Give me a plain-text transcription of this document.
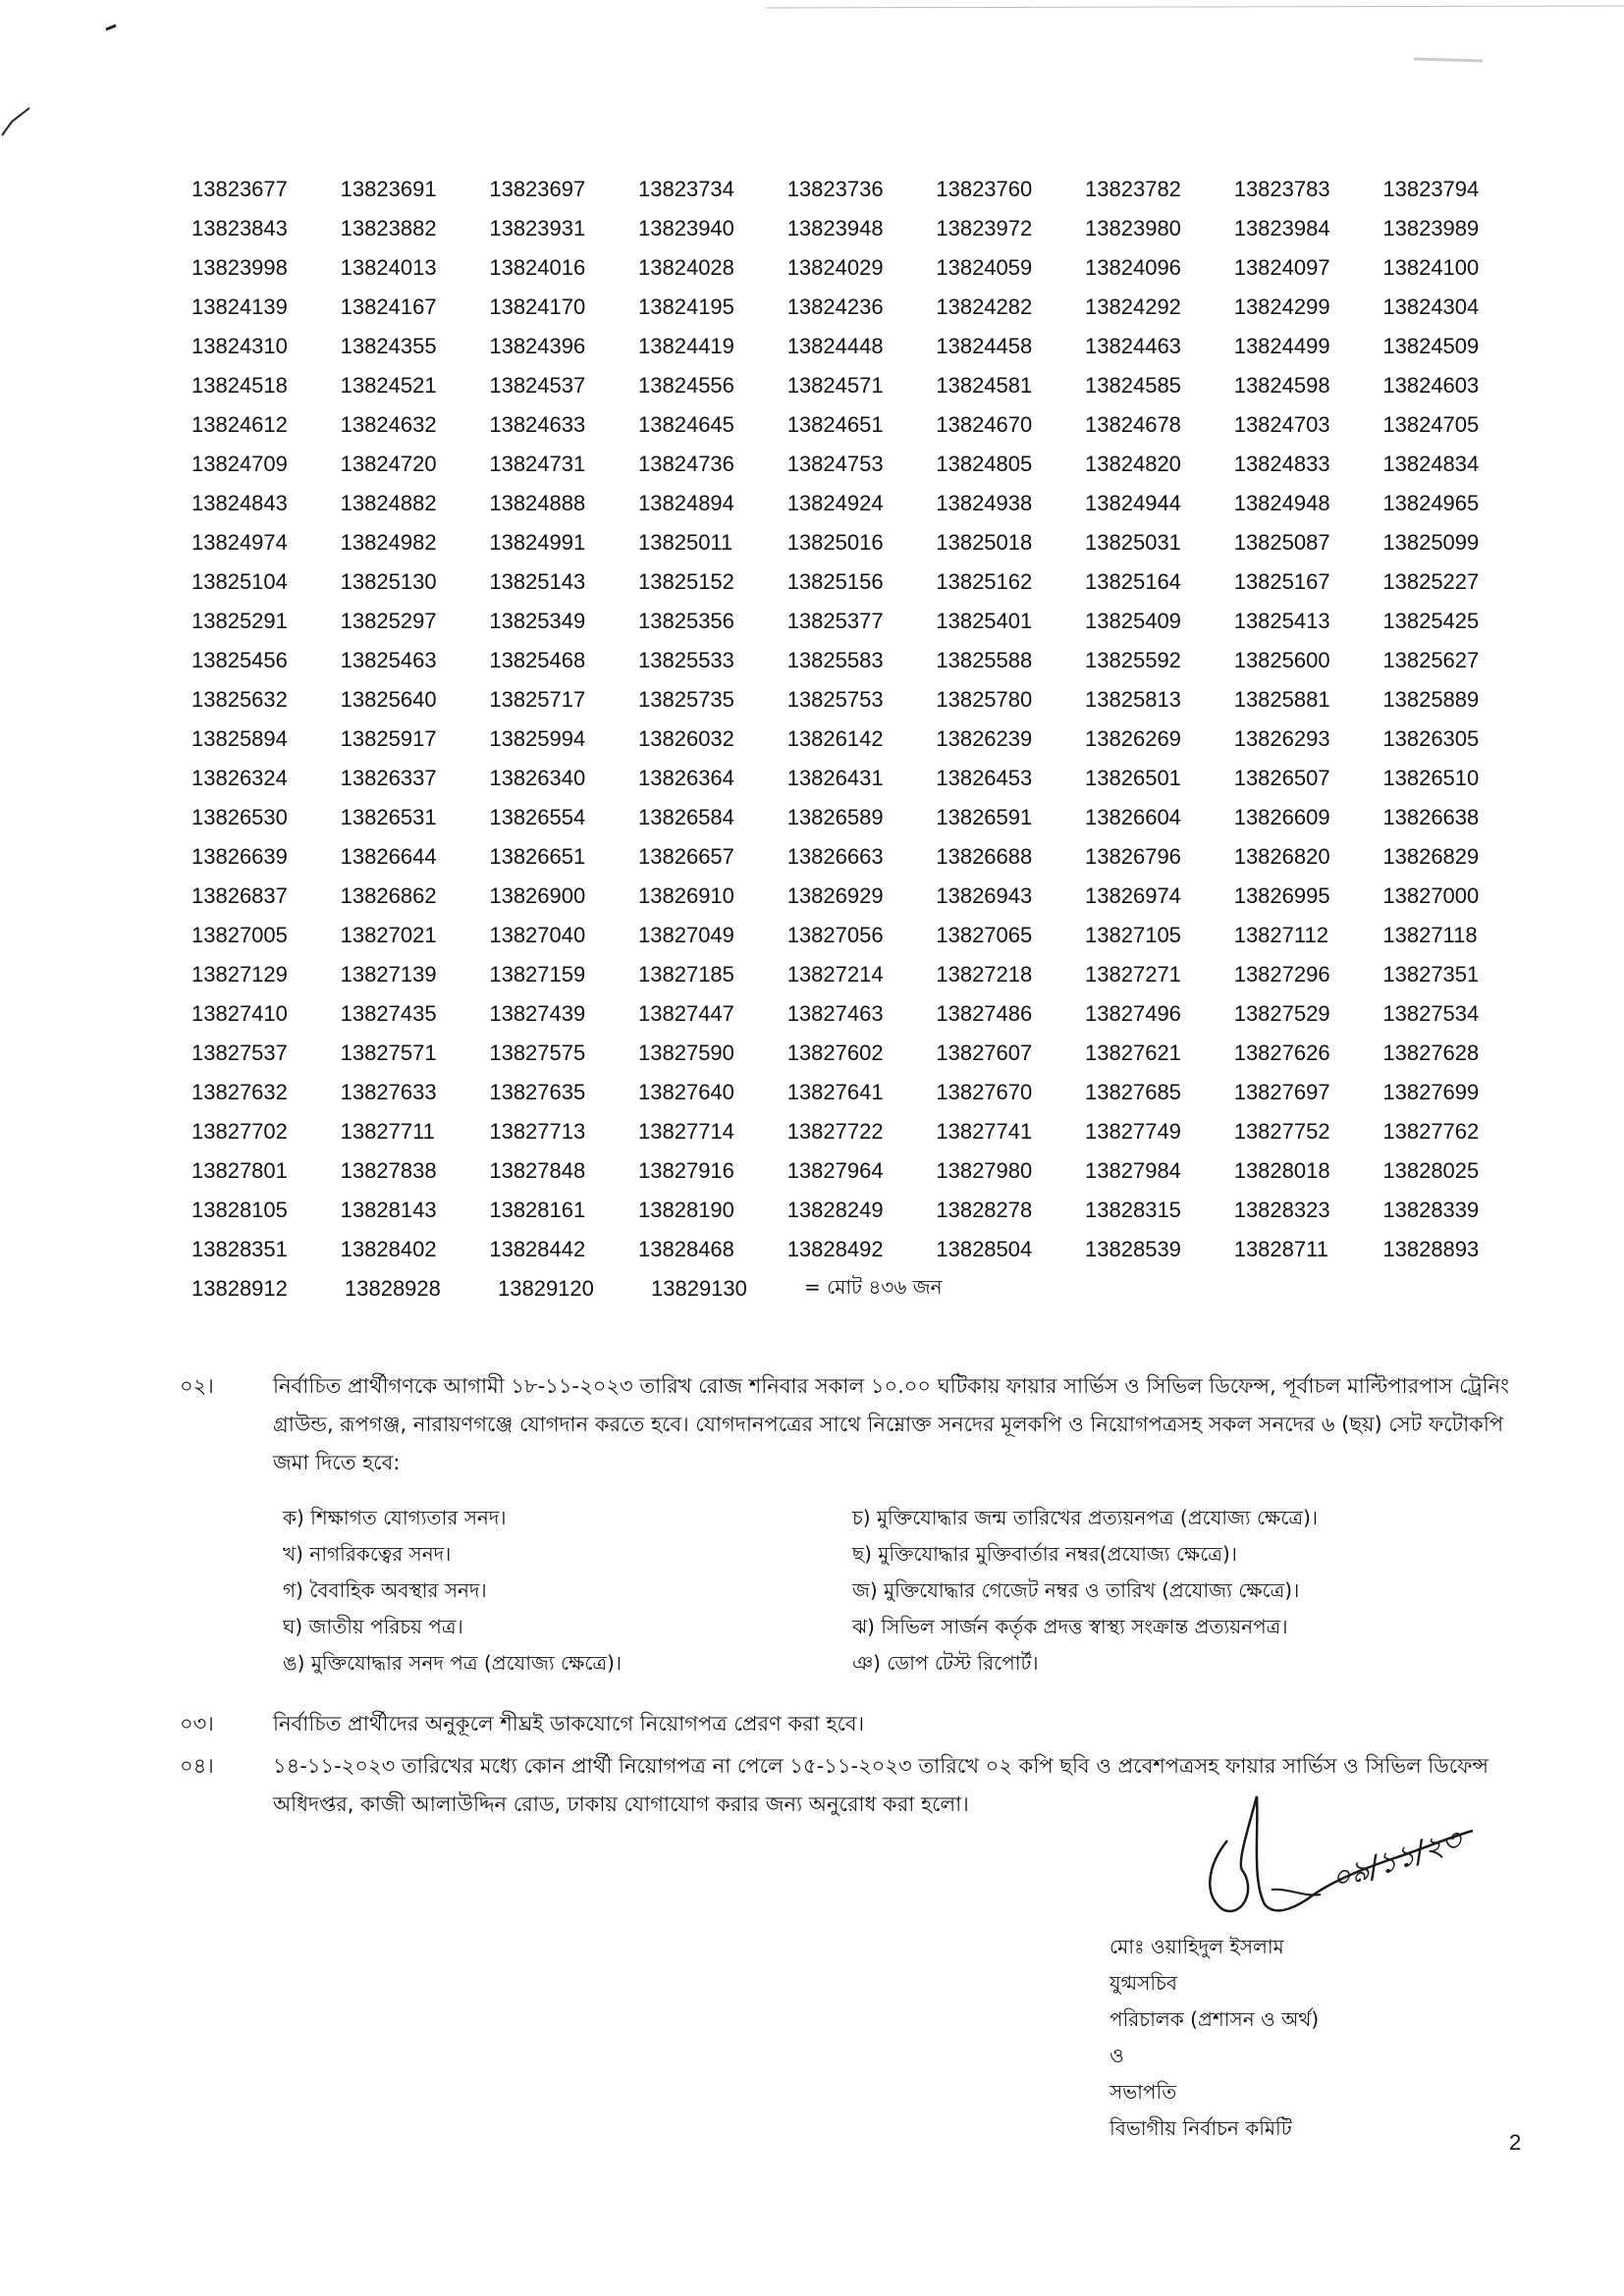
13823677	13823691	13823697	13823734	13823736	13823760	13823782	13823783	13823794
13823843	13823882	13823931	13823940	13823948	13823972	13823980	13823984	13823989
13823998	13824013	13824016	13824028	13824029	13824059	13824096	13824097	13824100
13824139	13824167	13824170	13824195	13824236	13824282	13824292	13824299	13824304
13824310	13824355	13824396	13824419	13824448	13824458	13824463	13824499	13824509
13824518	13824521	13824537	13824556	13824571	13824581	13824585	13824598	13824603
13824612	13824632	13824633	13824645	13824651	13824670	13824678	13824703	13824705
13824709	13824720	13824731	13824736	13824753	13824805	13824820	13824833	13824834
13824843	13824882	13824888	13824894	13824924	13824938	13824944	13824948	13824965
13824974	13824982	13824991	13825011	13825016	13825018	13825031	13825087	13825099
13825104	13825130	13825143	13825152	13825156	13825162	13825164	13825167	13825227
13825291	13825297	13825349	13825356	13825377	13825401	13825409	13825413	13825425
13825456	13825463	13825468	13825533	13825583	13825588	13825592	13825600	13825627
13825632	13825640	13825717	13825735	13825753	13825780	13825813	13825881	13825889
13825894	13825917	13825994	13826032	13826142	13826239	13826269	13826293	13826305
13826324	13826337	13826340	13826364	13826431	13826453	13826501	13826507	13826510
13826530	13826531	13826554	13826584	13826589	13826591	13826604	13826609	13826638
13826639	13826644	13826651	13826657	13826663	13826688	13826796	13826820	13826829
13826837	13826862	13826900	13826910	13826929	13826943	13826974	13826995	13827000
13827005	13827021	13827040	13827049	13827056	13827065	13827105	13827112	13827118
13827129	13827139	13827159	13827185	13827214	13827218	13827271	13827296	13827351
13827410	13827435	13827439	13827447	13827463	13827486	13827496	13827529	13827534
13827537	13827571	13827575	13827590	13827602	13827607	13827621	13827626	13827628
13827632	13827633	13827635	13827640	13827641	13827670	13827685	13827697	13827699
13827702	13827711	13827713	13827714	13827722	13827741	13827749	13827752	13827762
13827801	13827838	13827848	13827916	13827964	13827980	13827984	13828018	13828025
13828105	13828143	13828161	13828190	13828249	13828278	13828315	13828323	13828339
13828351	13828402	13828442	13828468	13828492	13828504	13828539	13828711	13828893
13828912	13828928	13829120	13829130	= মোট ৪৩৬ জন
০২।	নির্বাচিত প্রার্থীগণকে আগামী ১৮-১১-২০২৩ তারিখ রোজ শনিবার সকাল ১০.০০ ঘটিকায় ফায়ার সার্ভিস ও সিভিল ডিফেন্স, পূর্বাচল মাল্টিপারপাস ট্রেনিং গ্রাউন্ড, রূপগঞ্জ, নারায়ণগঞ্জে যোগদান করতে হবে। যোগদানপত্রের সাথে নিম্নোক্ত সনদের মূলকপি ও নিয়োগপত্রসহ সকল সনদের ৬ (ছয়) সেট ফটোকপি জমা দিতে হবে:
ক) শিক্ষাগত যোগ্যতার সনদ।	চ) মুক্তিযোদ্ধার জন্ম তারিখের প্রত্যয়নপত্র (প্রযোজ্য ক্ষেত্রে)।
খ) নাগরিকত্বের সনদ।	ছ) মুক্তিযোদ্ধার মুক্তিবার্তার নম্বর(প্রযোজ্য ক্ষেত্রে)।
গ) বৈবাহিক অবস্থার সনদ।	জ) মুক্তিযোদ্ধার গেজেট নম্বর ও তারিখ (প্রযোজ্য ক্ষেত্রে)।
ঘ) জাতীয় পরিচয় পত্র।	ঝ) সিভিল সার্জন কর্তৃক প্রদত্ত স্বাস্থ্য সংক্রান্ত প্রত্যয়নপত্র।
ঙ) মুক্তিযোদ্ধার সনদ পত্র (প্রযোজ্য ক্ষেত্রে)।	ঞ) ডোপ টেস্ট রিপোর্ট।
০৩।	নির্বাচিত প্রার্থীদের অনুকূলে শীঘ্রই ডাকযোগে নিয়োগপত্র প্রেরণ করা হবে।
০৪।	১৪-১১-২০২৩ তারিখের মধ্যে কোন প্রার্থী নিয়োগপত্র না পেলে ১৫-১১-২০২৩ তারিখে ০২ কপি ছবি ও প্রবেশপত্রসহ ফায়ার সার্ভিস ও সিভিল ডিফেন্স অধিদপ্তর, কাজী আলাউদ্দিন রোড, ঢাকায় যোগাযোগ করার জন্য অনুরোধ করা হলো।
০৯/১১/২৩
মোঃ ওয়াহিদুল ইসলাম
যুগ্মসচিব
পরিচালক (প্রশাসন ও অর্থ)
ও
সভাপতি
বিভাগীয় নির্বাচন কমিটি
2
